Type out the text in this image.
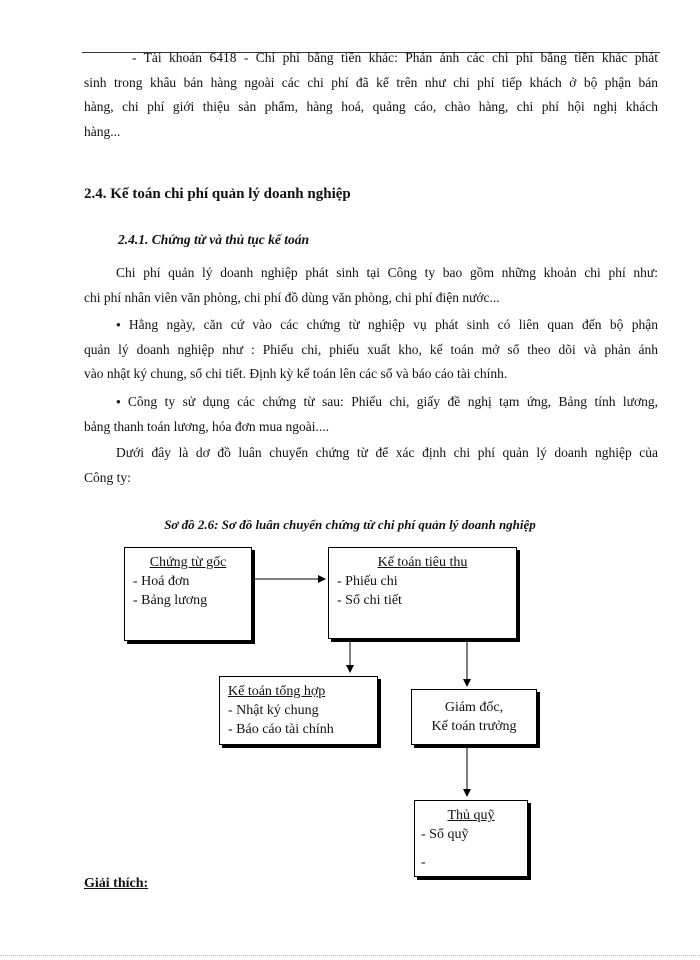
- Tài khoản 6418 - Chi phí bằng tiền khác: Phản ánh các chi phí bằng tiền khác phát
sinh trong khâu bán hàng ngoài các chi phí đã kể trên như chi phí tiếp khách ở bộ phận bán
hàng, chi phí giới thiệu sản phẩm, hàng hoá, quảng cáo, chào hàng, chi phí hội nghị khách
hàng...
2.4. Kế toán chi phí quản lý doanh nghiệp
2.4.1. Chứng từ và thủ tục kế toán
Chi phí quản lý doanh nghiệp phát sinh tại Công ty bao gồm những khoản chi phí như:
chi phí nhân viên văn phòng, chi phí đồ dùng văn phòng, chi phí điện nước...
● Hằng ngày, căn cứ vào các chứng từ nghiệp vụ phát sinh có liên quan đến bộ phận
quản lý doanh nghiệp như : Phiếu chi, phiếu xuất kho, kế toán mở sổ theo dõi và phản ánh
vào nhật ký chung, sổ chi tiết. Định kỳ kế toán lên các sổ và báo cáo tài chính.
● Công ty sử dụng các chứng từ sau: Phiếu chi, giấy đề nghị tạm ứng, Bảng tính lương,
bảng thanh toán lương, hóa đơn mua ngoài....
Dưới đây là dơ đồ luân chuyển chứng từ để xác định chi phí quản lý doanh nghiệp của
Công ty:
Sơ đồ 2.6: Sơ đồ luân chuyển chứng từ chi phí quản lý doanh nghiệp
Chứng từ gốc
- Hoá đơn
- Bảng lương
Kế toán tiêu thu
- Phiếu chi
- Sổ chi tiết
Kế toán tổng hợp
- Nhật ký chung
- Báo cáo tài chính
Giám đốc,
Kế toán trưởng
Thủ quỹ
- Sổ quỹ
-
Giải thích:
